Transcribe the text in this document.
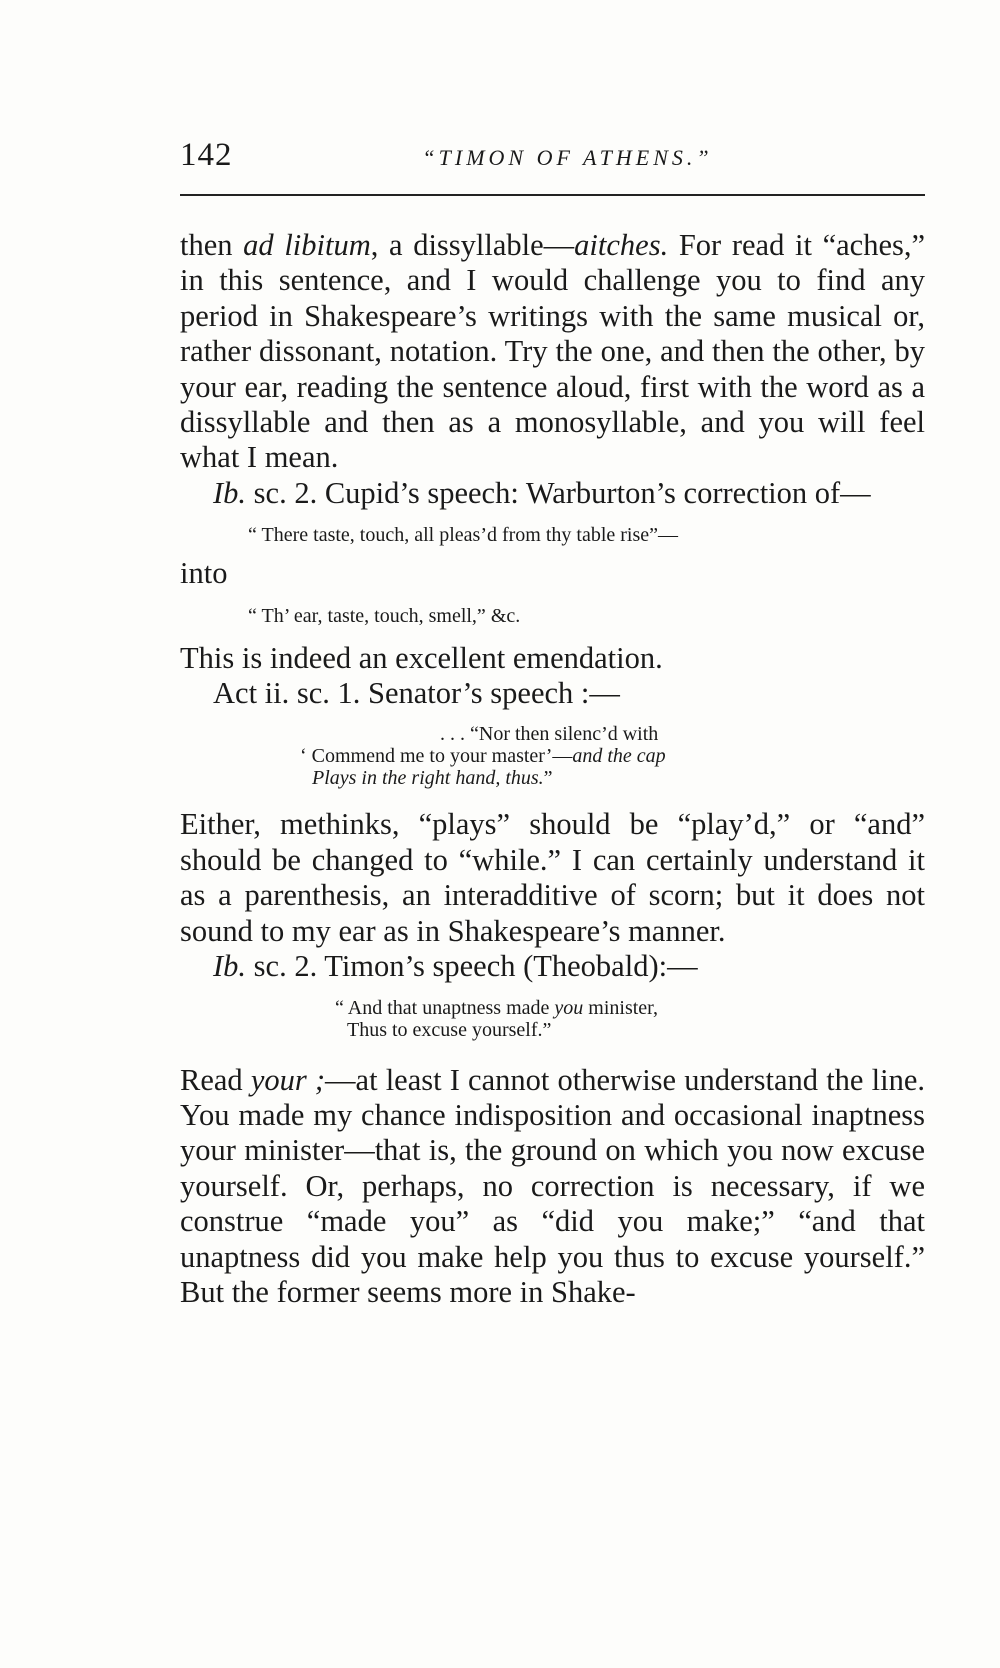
142	“TIMON OF ATHENS.”

then ad libitum, a dissyllable—aitches. For read it “aches,” in this sentence, and I would challenge you to find any period in Shakespeare’s writings with the same musical or, rather dissonant, notation. Try the one, and then the other, by your ear, reading the sentence aloud, first with the word as a dissyllable and then as a monosyllable, and you will feel what I mean.

Ib. sc. 2. Cupid’s speech: Warburton’s correction of—

“ There taste, touch, all pleas’d from thy table rise”—

into

“ Th’ ear, taste, touch, smell,” &c.

This is indeed an excellent emendation.

Act ii. sc. 1. Senator’s speech :—

. . . “Nor then silenc’d with
‘ Commend me to your master’—and the cap
Plays in the right hand, thus.”

Either, methinks, “plays” should be “play’d,” or “and” should be changed to “while.” I can certainly understand it as a parenthesis, an interadditive of scorn; but it does not sound to my ear as in Shakespeare’s manner.

Ib. sc. 2. Timon’s speech (Theobald):—

“ And that unaptness made you minister,
Thus to excuse yourself.”

Read your ;—at least I cannot otherwise understand the line. You made my chance indisposition and occasional inaptness your minister—that is, the ground on which you now excuse yourself. Or, perhaps, no correction is necessary, if we construe “made you” as “did you make;” “and that unaptness did you make help you thus to excuse yourself.” But the former seems more in Shake-
